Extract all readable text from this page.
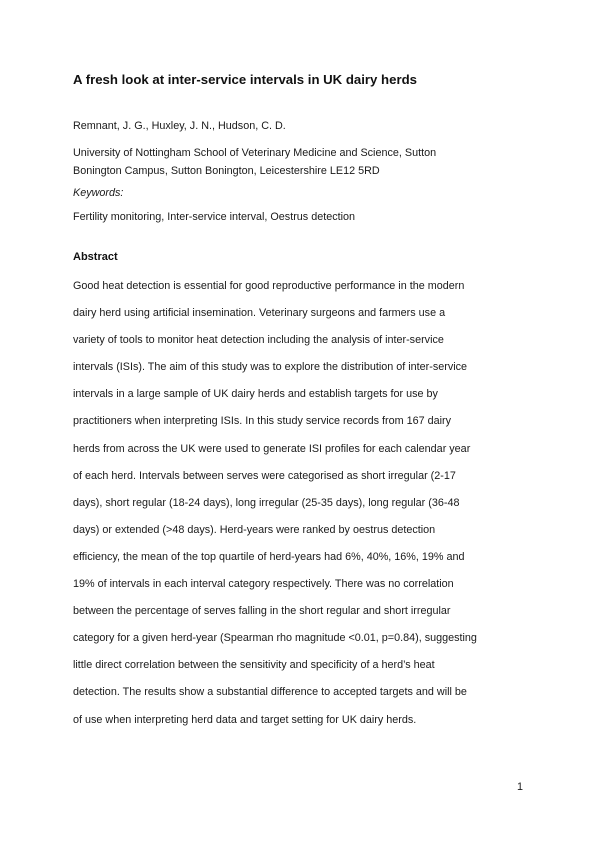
A fresh look at inter-service intervals in UK dairy herds
Remnant, J. G., Huxley, J. N., Hudson, C. D.
University of Nottingham School of Veterinary Medicine and Science, Sutton
Bonington Campus, Sutton Bonington, Leicestershire LE12 5RD
Keywords:
Fertility monitoring, Inter-service interval, Oestrus detection
Abstract
Good heat detection is essential for good reproductive performance in the modern
dairy herd using artificial insemination. Veterinary surgeons and farmers use a
variety of tools to monitor heat detection including the analysis of inter-service
intervals (ISIs). The aim of this study was to explore the distribution of inter-service
intervals in a large sample of UK dairy herds and establish targets for use by
practitioners when interpreting ISIs. In this study service records from 167 dairy
herds from across the UK were used to generate ISI profiles for each calendar year
of each herd. Intervals between serves were categorised as short irregular (2-17
days), short regular (18-24 days), long irregular (25-35 days), long regular (36-48
days) or extended (>48 days). Herd-years were ranked by oestrus detection
efficiency, the mean of the top quartile of herd-years had 6%, 40%, 16%, 19% and
19% of intervals in each interval category respectively. There was no correlation
between the percentage of serves falling in the short regular and short irregular
category for a given herd-year (Spearman rho magnitude <0.01, p=0.84), suggesting
little direct correlation between the sensitivity and specificity of a herd’s heat
detection. The results show a substantial difference to accepted targets and will be
of use when interpreting herd data and target setting for UK dairy herds.
1
